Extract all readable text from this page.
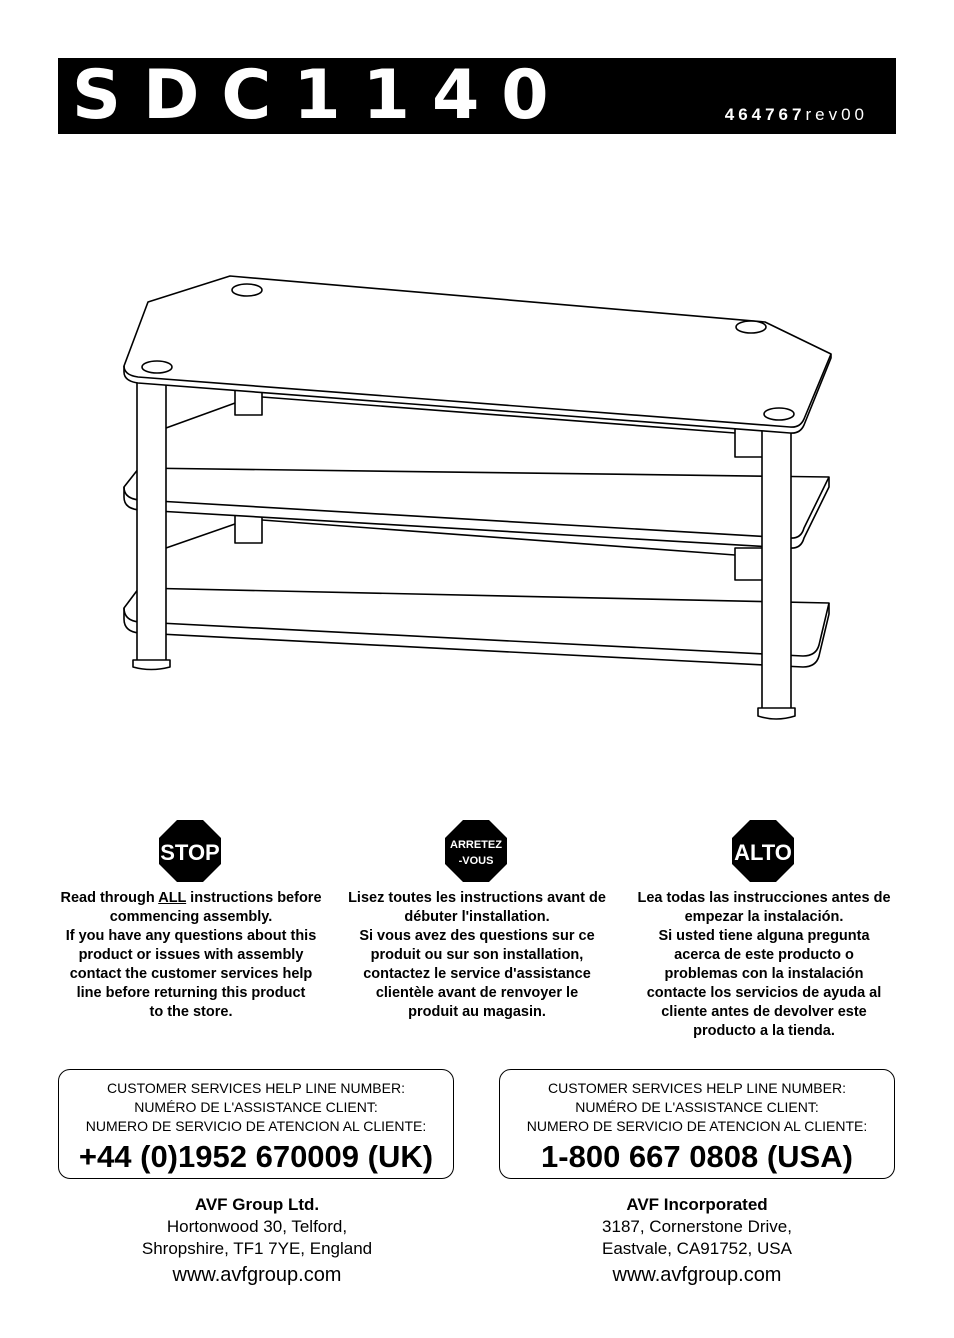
SDC1140	464767rev00
STOP	ARRETEZ
-VOUS	ALTO
Read through ALL instructions before
commencing assembly.
If you have any questions about this
product or issues with assembly
contact the customer services help
line before returning this product
to the store.
Lisez toutes les instructions avant de
débuter l'installation.
Si vous avez des questions sur ce
produit ou sur son installation,
contactez le service d'assistance
clientèle avant de renvoyer le
produit au magasin.
Lea todas las instrucciones antes de
empezar la instalación.
Si usted tiene alguna pregunta
acerca de este producto o
problemas con la instalación
contacte los servicios de ayuda al
cliente antes de devolver este
producto a la tienda.
CUSTOMER SERVICES HELP LINE NUMBER:
NUMÉRO DE L'ASSISTANCE CLIENT:
NUMERO DE SERVICIO DE ATENCION AL CLIENTE:
+44 (0)1952 670009 (UK)
CUSTOMER SERVICES HELP LINE NUMBER:
NUMÉRO DE L'ASSISTANCE CLIENT:
NUMERO DE SERVICIO DE ATENCION AL CLIENTE:
1-800 667 0808 (USA)
AVF Group Ltd.
Hortonwood 30, Telford,
Shropshire, TF1 7YE, England
www.avfgroup.com
AVF Incorporated
3187, Cornerstone Drive,
Eastvale, CA91752, USA
www.avfgroup.com
